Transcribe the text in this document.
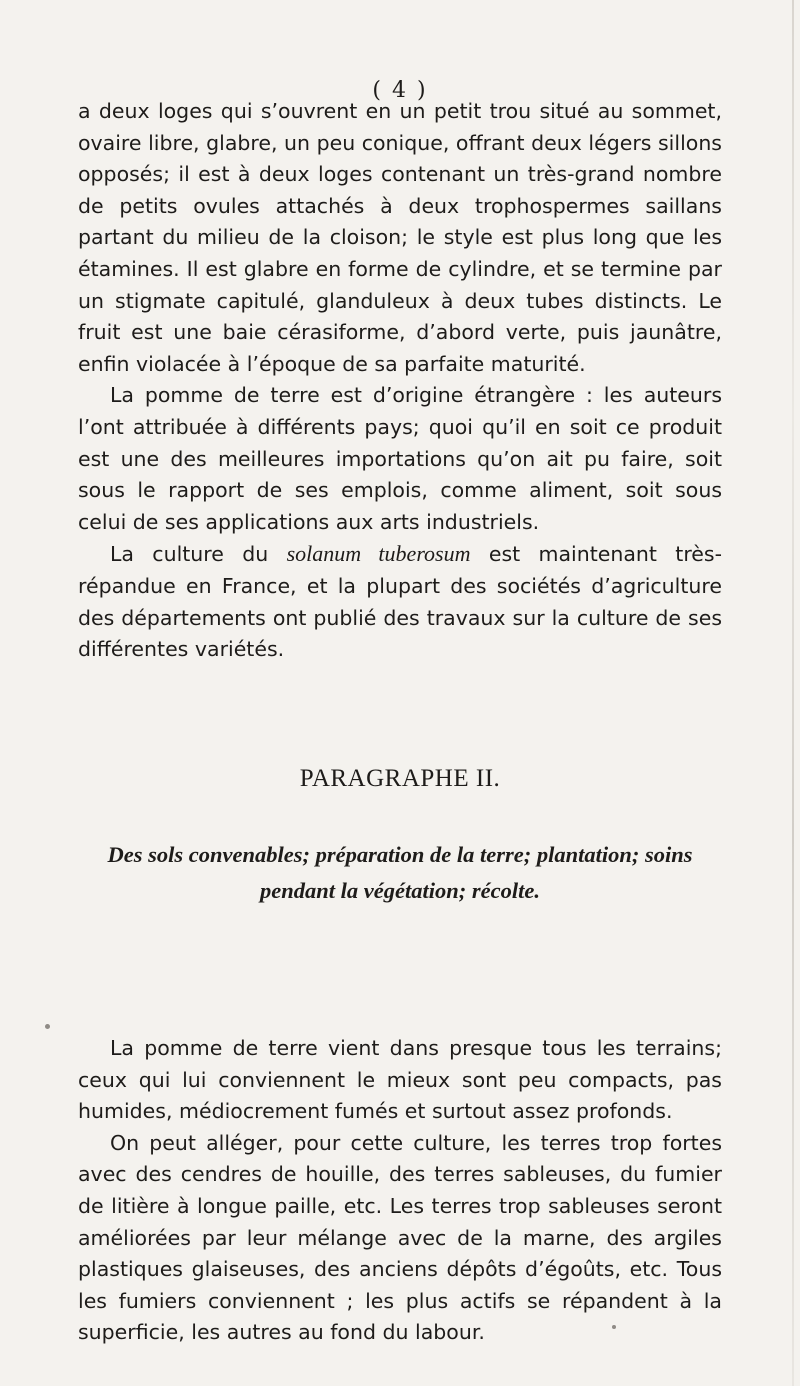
( 4 )

a deux loges qui s’ouvrent en un petit trou situé au sommet, ovaire libre, glabre, un peu conique, offrant deux légers sillons opposés; il est à deux loges contenant un très-grand nombre de petits ovules attachés à deux trophospermes saillans partant du milieu de la cloison; le style est plus long que les étamines. Il est glabre en forme de cylindre, et se termine par un stigmate capitulé, glanduleux à deux tubes distincts. Le fruit est une baie cérasiforme, d’abord verte, puis jaunâtre, enfin violacée à l’époque de sa parfaite maturité.

La pomme de terre est d’origine étrangère : les auteurs l’ont attribuée à différents pays; quoi qu’il en soit ce produit est une des meilleures importations qu’on ait pu faire, soit sous le rapport de ses emplois, comme aliment, soit sous celui de ses applications aux arts industriels.

La culture du solanum tuberosum est maintenant très-répandue en France, et la plupart des sociétés d’agriculture des départements ont publié des travaux sur la culture de ses différentes variétés.

PARAGRAPHE II.
Des sols convenables; préparation de la terre; plantation; soins pendant la végétation; récolte.

La pomme de terre vient dans presque tous les terrains; ceux qui lui conviennent le mieux sont peu compacts, pas humides, médiocrement fumés et surtout assez profonds.

On peut alléger, pour cette culture, les terres trop fortes avec des cendres de houille, des terres sableuses, du fumier de litière à longue paille, etc. Les terres trop sableuses seront améliorées par leur mélange avec de la marne, des argiles plastiques glaiseuses, des anciens dépôts d’égoûts, etc. Tous les fumiers conviennent ; les plus actifs se répandent à la superficie, les autres au fond du labour.
